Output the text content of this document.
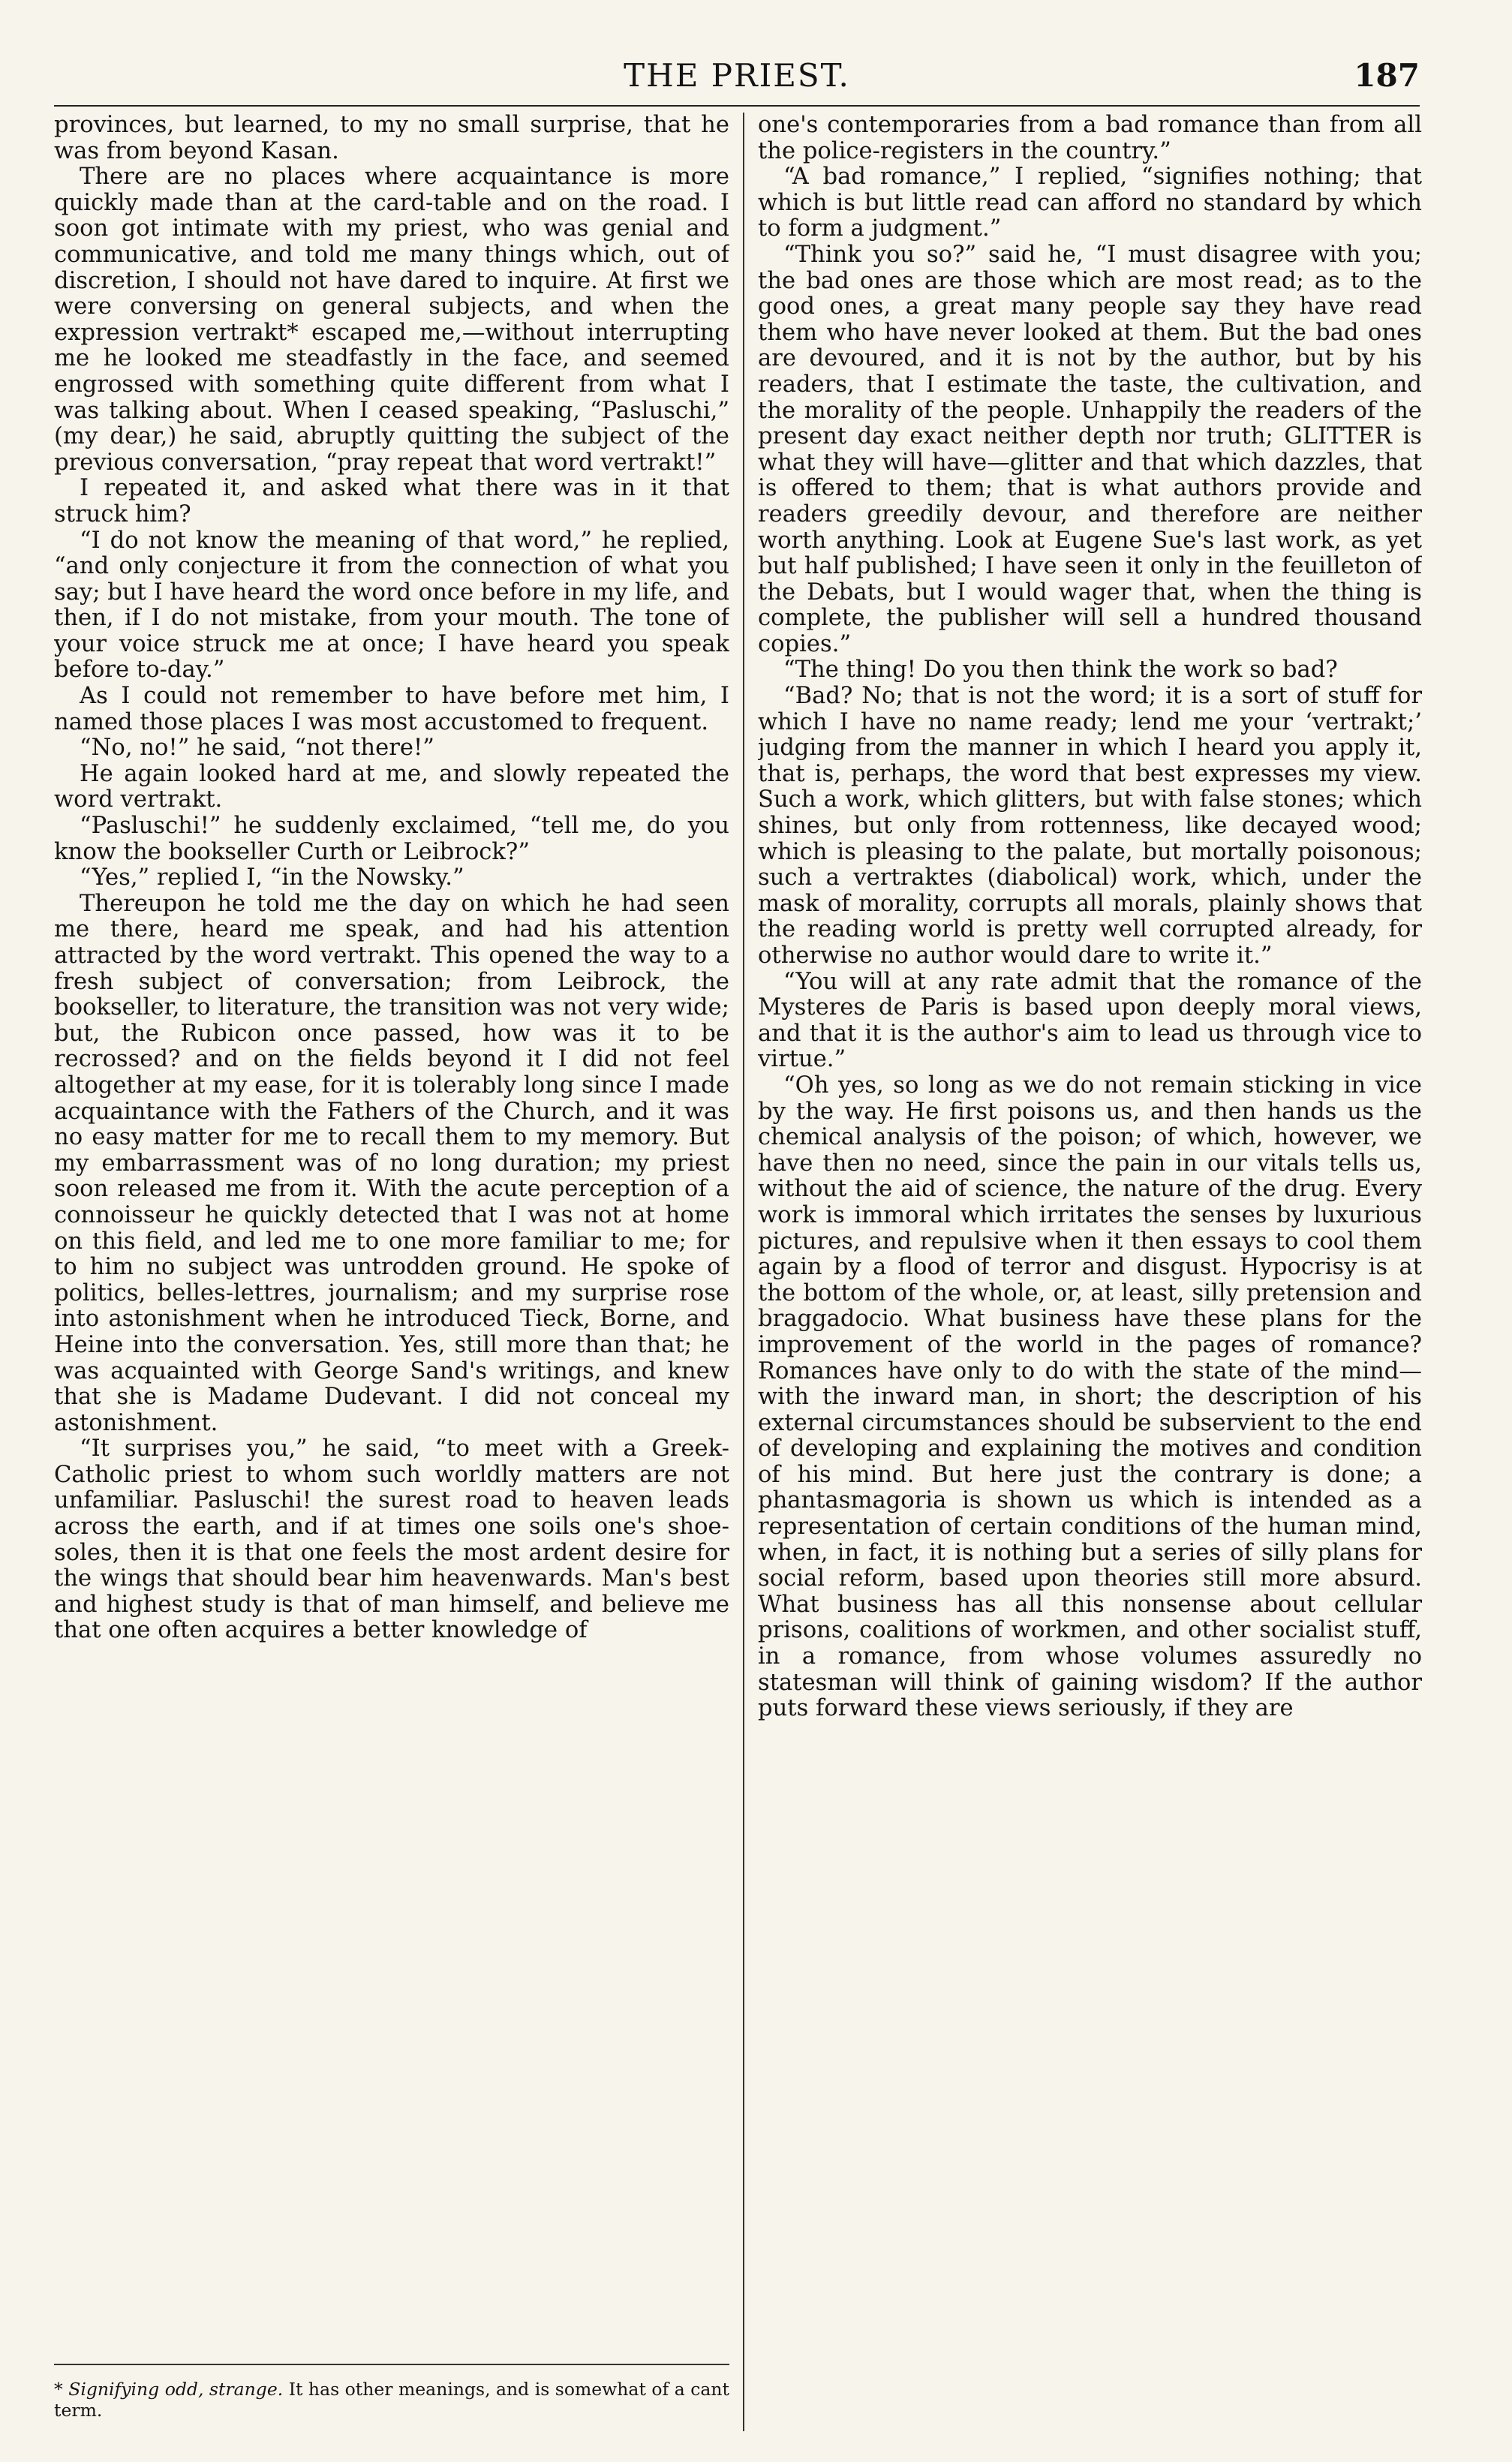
THE PRIEST.	187

provinces, but learned, to my no small surprise, that he was from beyond Kasan.

There are no places where acquaintance is more quickly made than at the card-table and on the road. I soon got intimate with my priest, who was genial and communicative, and told me many things which, out of discretion, I should not have dared to inquire. At first we were conversing on general subjects, and when the expression vertrakt* escaped me,—without interrupting me he looked me steadfastly in the face, and seemed engrossed with something quite different from what I was talking about. When I ceased speaking, “Pasluschi,” (my dear,) he said, abruptly quitting the subject of the previous conversation, “pray repeat that word vertrakt!”

I repeated it, and asked what there was in it that struck him?

“I do not know the meaning of that word,” he replied, “and only conjecture it from the connection of what you say; but I have heard the word once before in my life, and then, if I do not mistake, from your mouth. The tone of your voice struck me at once; I have heard you speak before to-day.”

As I could not remember to have before met him, I named those places I was most accustomed to frequent.

“No, no!” he said, “not there!”

He again looked hard at me, and slowly repeated the word vertrakt.

“Pasluschi!” he suddenly exclaimed, “tell me, do you know the bookseller Curth or Leibrock?”

“Yes,” replied I, “in the Nowsky.”

Thereupon he told me the day on which he had seen me there, heard me speak, and had his attention attracted by the word vertrakt. This opened the way to a fresh subject of conversation; from Leibrock, the bookseller, to literature, the transition was not very wide; but, the Rubicon once passed, how was it to be recrossed? and on the fields beyond it I did not feel altogether at my ease, for it is tolerably long since I made acquaintance with the Fathers of the Church, and it was no easy matter for me to recall them to my memory. But my embarrassment was of no long duration; my priest soon released me from it. With the acute perception of a connoisseur he quickly detected that I was not at home on this field, and led me to one more familiar to me; for to him no subject was untrodden ground. He spoke of politics, belles-lettres, journalism; and my surprise rose into astonishment when he introduced Tieck, Borne, and Heine into the conversation. Yes, still more than that; he was acquainted with George Sand's writings, and knew that she is Madame Dudevant. I did not conceal my astonishment.

“It surprises you,” he said, “to meet with a Greek-Catholic priest to whom such worldly matters are not unfamiliar. Pasluschi! the surest road to heaven leads across the earth, and if at times one soils one's shoe-soles, then it is that one feels the most ardent desire for the wings that should bear him heavenwards. Man's best and highest study is that of man himself, and believe me that one often acquires a better knowledge of

one's contemporaries from a bad romance than from all the police-registers in the country.”

“A bad romance,” I replied, “signifies nothing; that which is but little read can afford no standard by which to form a judgment.”

“Think you so?” said he, “I must disagree with you; the bad ones are those which are most read; as to the good ones, a great many people say they have read them who have never looked at them. But the bad ones are devoured, and it is not by the author, but by his readers, that I estimate the taste, the cultivation, and the morality of the people. Unhappily the readers of the present day exact neither depth nor truth; GLITTER is what they will have—glitter and that which dazzles, that is offered to them; that is what authors provide and readers greedily devour, and therefore are neither worth anything. Look at Eugene Sue's last work, as yet but half published; I have seen it only in the feuilleton of the Debats, but I would wager that, when the thing is complete, the publisher will sell a hundred thousand copies.”

“The thing! Do you then think the work so bad?

“Bad? No; that is not the word; it is a sort of stuff for which I have no name ready; lend me your ‘vertrakt;’ judging from the manner in which I heard you apply it, that is, perhaps, the word that best expresses my view. Such a work, which glitters, but with false stones; which shines, but only from rottenness, like decayed wood; which is pleasing to the palate, but mortally poisonous; such a vertraktes (diabolical) work, which, under the mask of morality, corrupts all morals, plainly shows that the reading world is pretty well corrupted already, for otherwise no author would dare to write it.”

“You will at any rate admit that the romance of the Mysteres de Paris is based upon deeply moral views, and that it is the author's aim to lead us through vice to virtue.”

“Oh yes, so long as we do not remain sticking in vice by the way. He first poisons us, and then hands us the chemical analysis of the poison; of which, however, we have then no need, since the pain in our vitals tells us, without the aid of science, the nature of the drug. Every work is immoral which irritates the senses by luxurious pictures, and repulsive when it then essays to cool them again by a flood of terror and disgust. Hypocrisy is at the bottom of the whole, or, at least, silly pretension and braggadocio. What business have these plans for the improvement of the world in the pages of romance? Romances have only to do with the state of the mind—with the inward man, in short; the description of his external circumstances should be subservient to the end of developing and explaining the motives and condition of his mind. But here just the contrary is done; a phantasmagoria is shown us which is intended as a representation of certain conditions of the human mind, when, in fact, it is nothing but a series of silly plans for social reform, based upon theories still more absurd. What business has all this nonsense about cellular prisons, coalitions of workmen, and other socialist stuff, in a romance, from whose volumes assuredly no statesman will think of gaining wisdom? If the author puts forward these views seriously, if they are

* Signifying odd, strange. It has other meanings, and is somewhat of a cant term.
